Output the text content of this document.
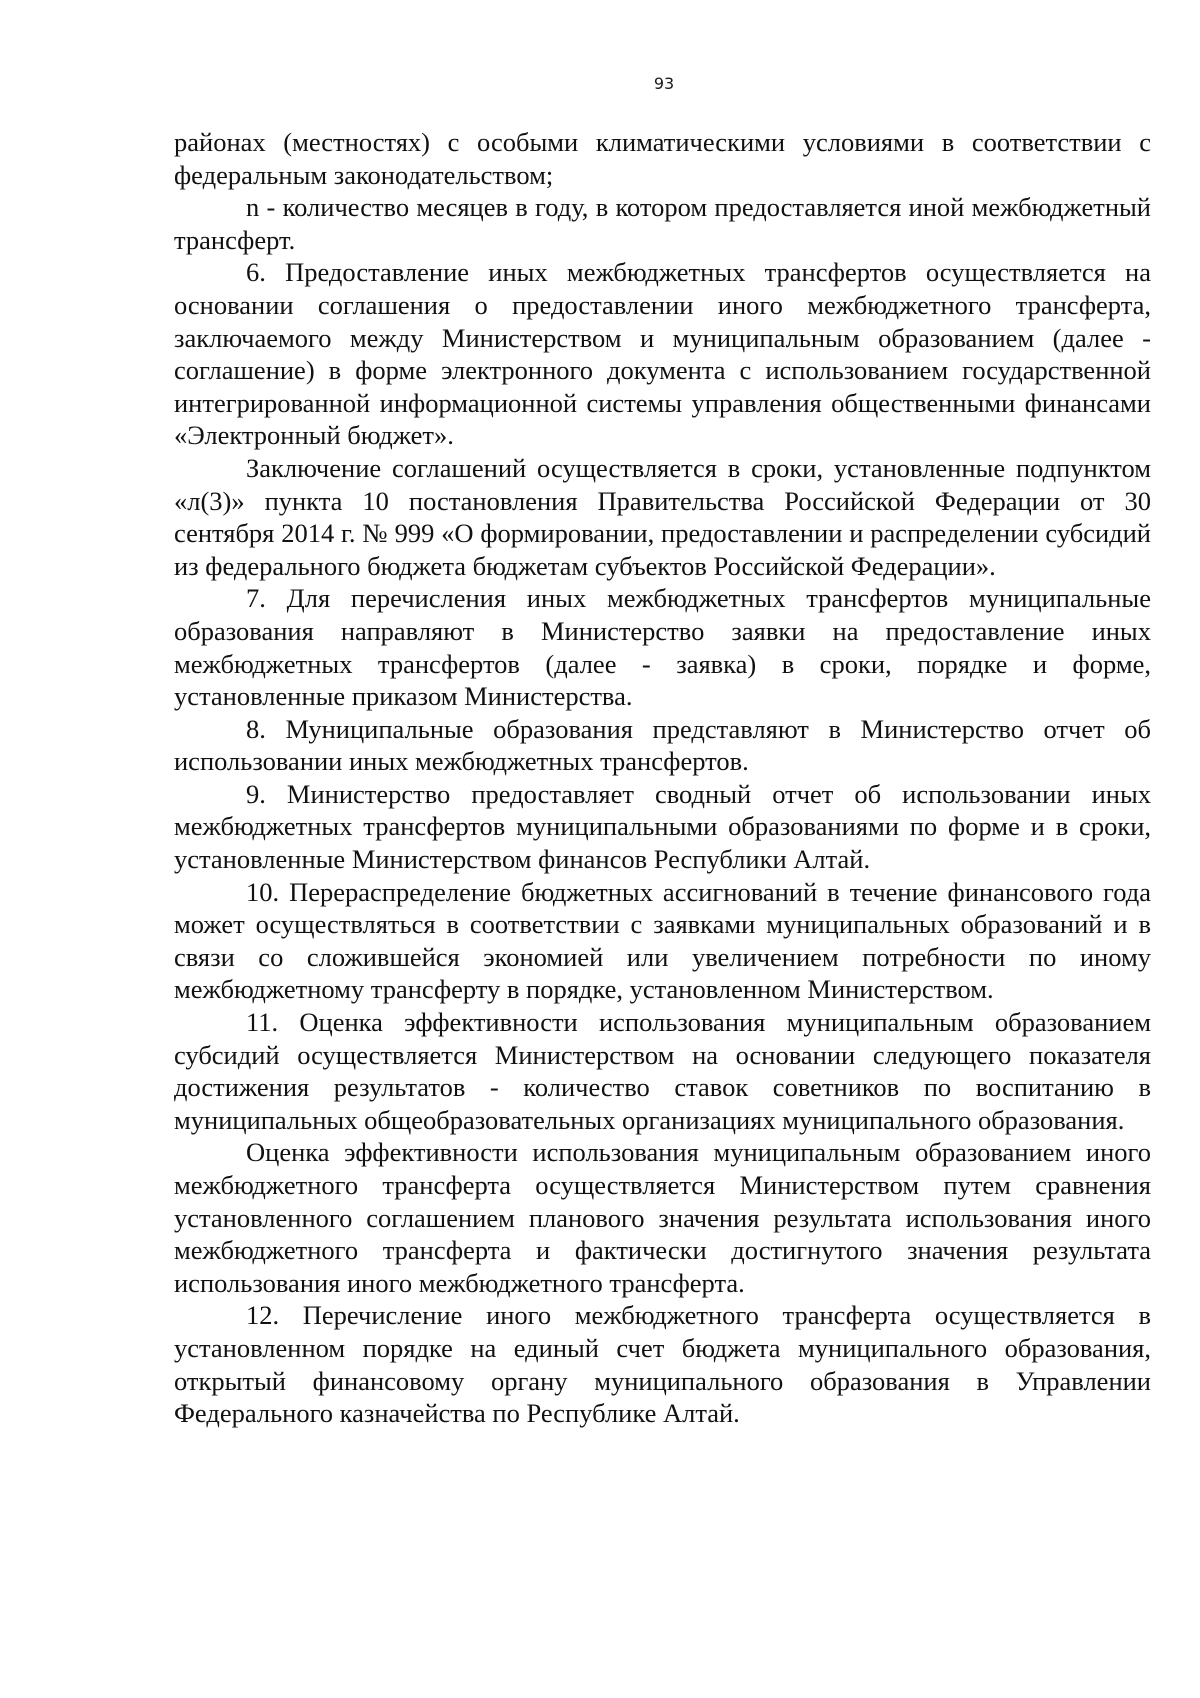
93

районах (местностях) с особыми климатическими условиями в соответствии с федеральным законодательством;

n - количество месяцев в году, в котором предоставляется иной межбюджетный трансферт.

6. Предоставление иных межбюджетных трансфертов осуществляется на основании соглашения о предоставлении иного межбюджетного трансферта, заключаемого между Министерством и муниципальным образованием (далее - соглашение) в форме электронного документа с использованием государственной интегрированной информационной системы управления общественными финансами «Электронный бюджет».

Заключение соглашений осуществляется в сроки, установленные подпунктом «л(3)» пункта 10 постановления Правительства Российской Федерации от 30 сентября 2014 г. № 999 «О формировании, предоставлении и распределении субсидий из федерального бюджета бюджетам субъектов Российской Федерации».

7. Для перечисления иных межбюджетных трансфертов муниципальные образования направляют в Министерство заявки на предоставление иных межбюджетных трансфертов (далее - заявка) в сроки, порядке и форме, установленные приказом Министерства.

8. Муниципальные образования представляют в Министерство отчет об использовании иных межбюджетных трансфертов.

9. Министерство предоставляет сводный отчет об использовании иных межбюджетных трансфертов муниципальными образованиями по форме и в сроки, установленные Министерством финансов Республики Алтай.

10. Перераспределение бюджетных ассигнований в течение финансового года может осуществляться в соответствии с заявками муниципальных образований и в связи со сложившейся экономией или увеличением потребности по иному межбюджетному трансферту в порядке, установленном Министерством.

11. Оценка эффективности использования муниципальным образованием субсидий осуществляется Министерством на основании следующего показателя достижения результатов - количество ставок советников по воспитанию в муниципальных общеобразовательных организациях муниципального образования.

Оценка эффективности использования муниципальным образованием иного межбюджетного трансферта осуществляется Министерством путем сравнения установленного соглашением планового значения результата использования иного межбюджетного трансферта и фактически достигнутого значения результата использования иного межбюджетного трансферта.

12. Перечисление иного межбюджетного трансферта осуществляется в установленном порядке на единый счет бюджета муниципального образования, открытый финансовому органу муниципального образования в Управлении Федерального казначейства по Республике Алтай.
